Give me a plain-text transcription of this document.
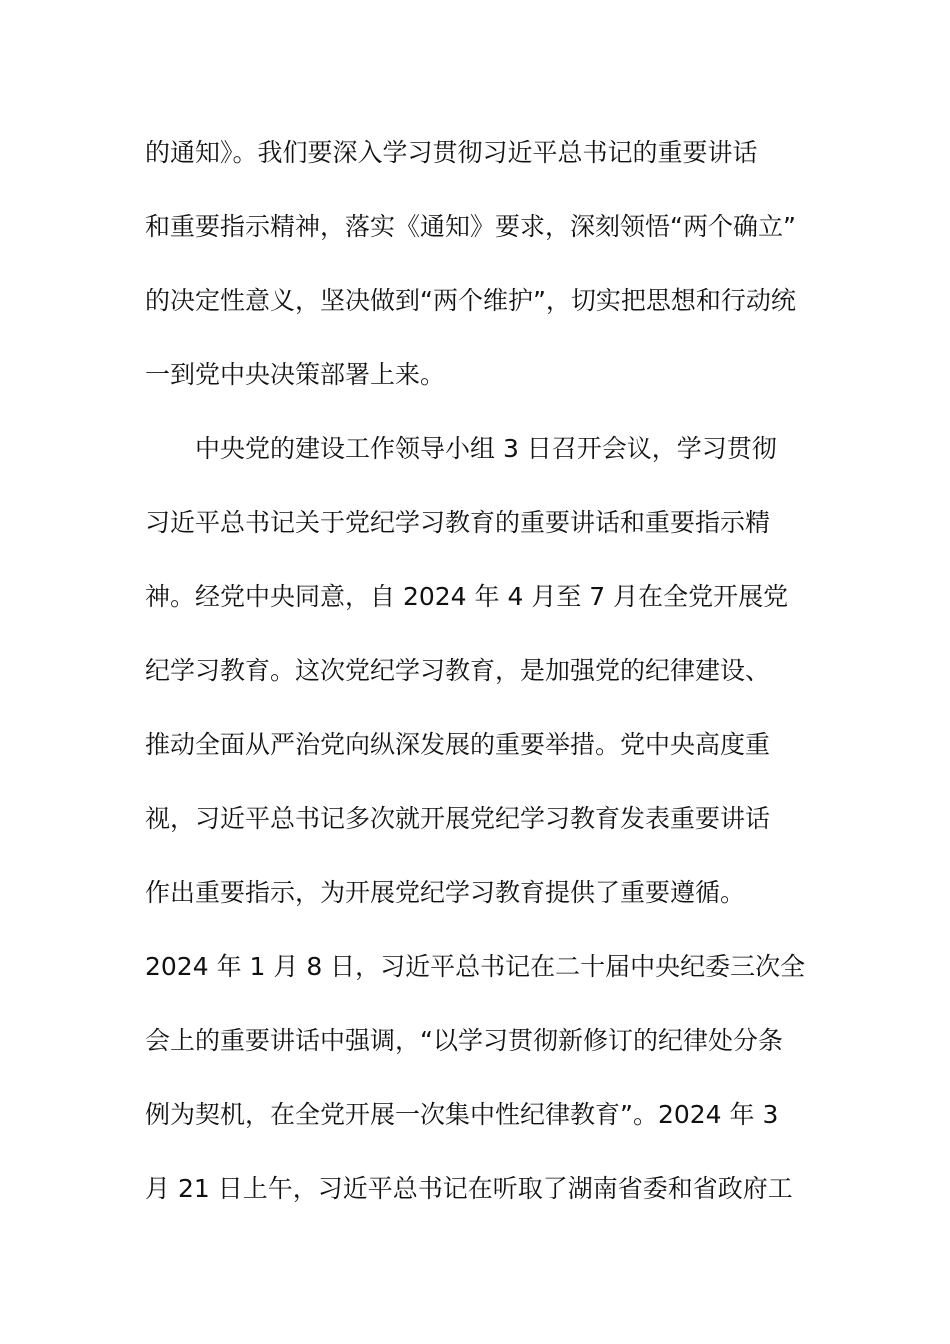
的通知》。我们要深入学习贯彻习近平总书记的重要讲话
和重要指示精神，落实《通知》要求，深刻领悟“两个确立”
的决定性意义，坚决做到“两个维护”，切实把思想和行动统
一到党中央决策部署上来。
中央党的建设工作领导小组 3 日召开会议，学习贯彻
习近平总书记关于党纪学习教育的重要讲话和重要指示精
神。经党中央同意，自 2024 年 4 月至 7 月在全党开展党
纪学习教育。这次党纪学习教育，是加强党的纪律建设、
推动全面从严治党向纵深发展的重要举措。党中央高度重
视，习近平总书记多次就开展党纪学习教育发表重要讲话
作出重要指示，为开展党纪学习教育提供了重要遵循。
2024 年 1 月 8 日，习近平总书记在二十届中央纪委三次全
会上的重要讲话中强调，“以学习贯彻新修订的纪律处分条
例为契机，在全党开展一次集中性纪律教育”。2024 年 3
月 21 日上午，习近平总书记在听取了湖南省委和省政府工
